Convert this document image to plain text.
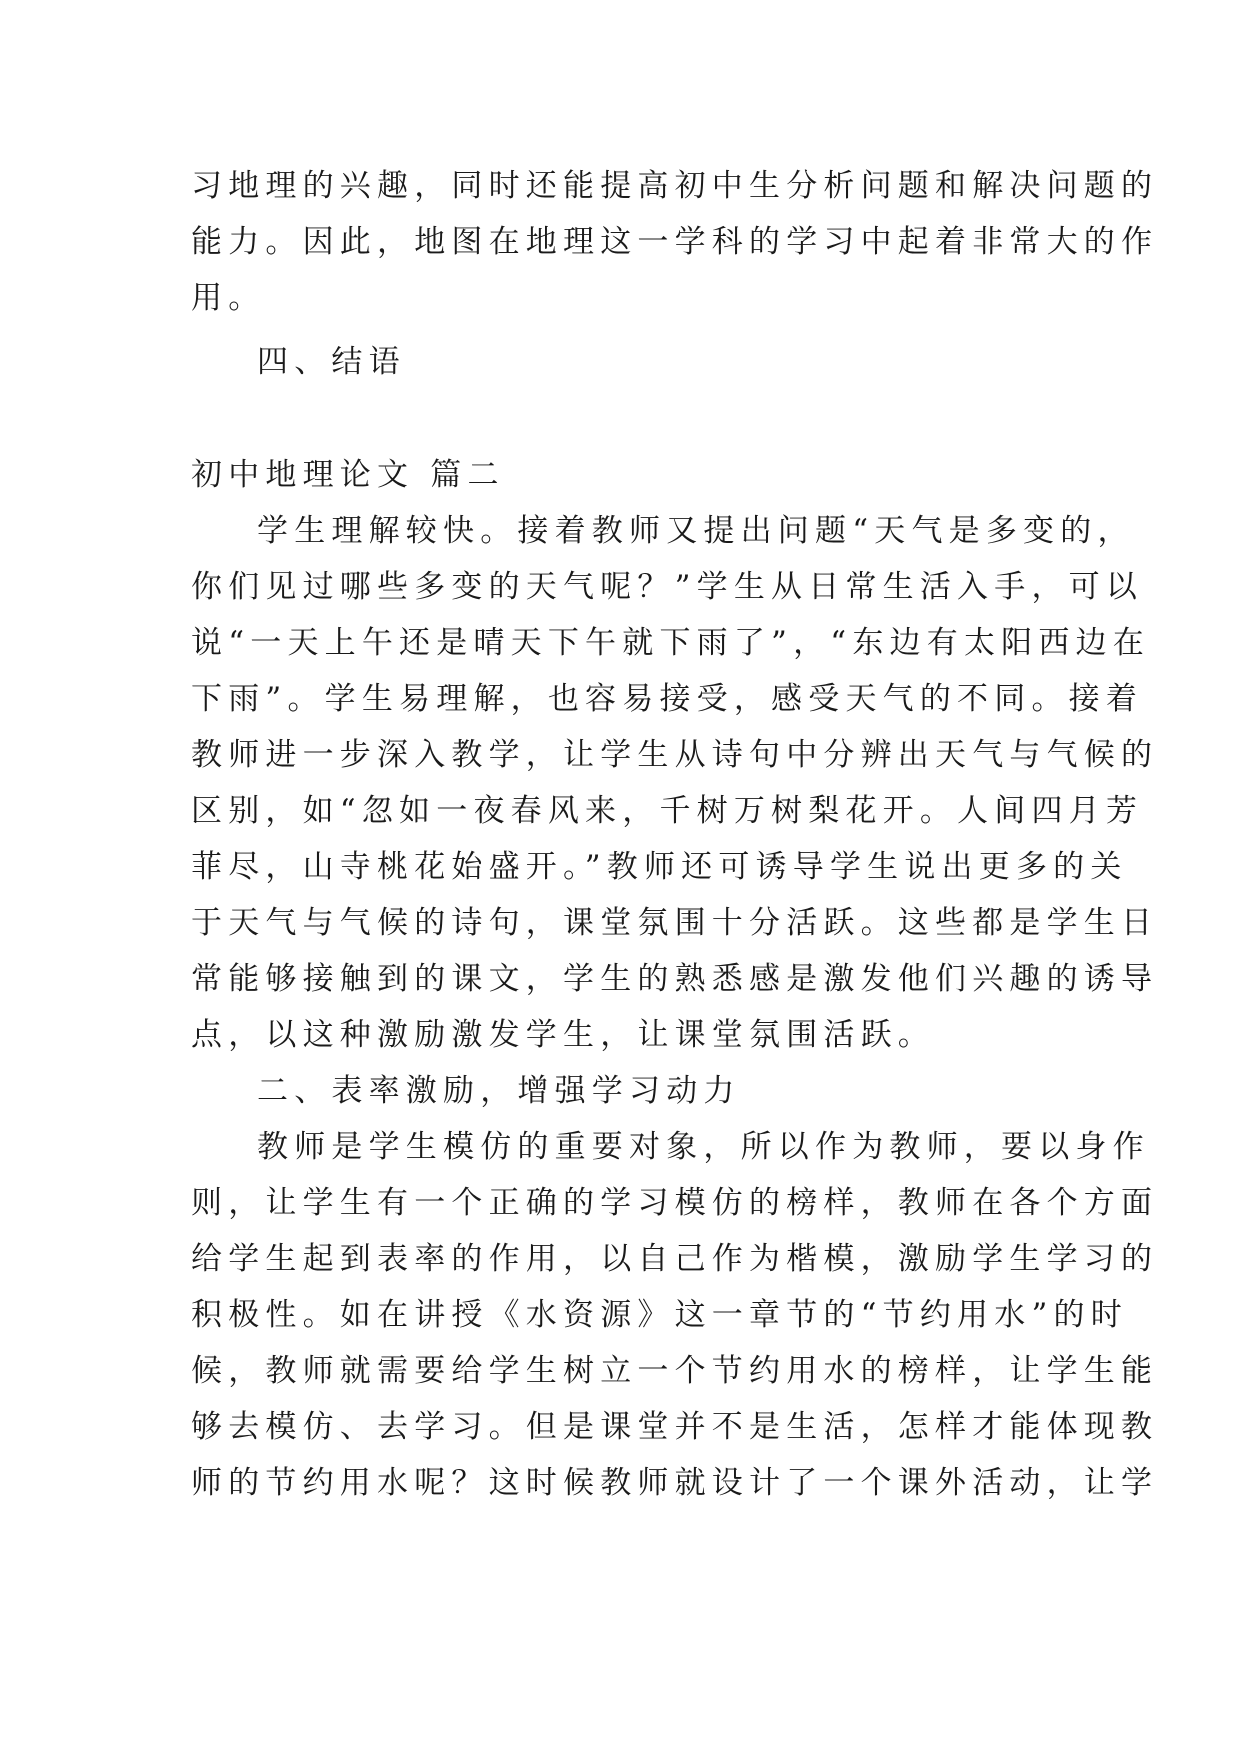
习地理的兴趣，同时还能提高初中生分析问题和解决问题的
能力。因此，地图在地理这一学科的学习中起着非常大的作
用。
四、结语
初中地理论文 篇二
学生理解较快。接着教师又提出问题“天气是多变的，
你们见过哪些多变的天气呢？”学生从日常生活入手，可以
说“一天上午还是晴天下午就下雨了”，“东边有太阳西边在
下雨”。学生易理解，也容易接受，感受天气的不同。接着
教师进一步深入教学，让学生从诗句中分辨出天气与气候的
区别，如“忽如一夜春风来，千树万树梨花开。人间四月芳
菲尽，山寺桃花始盛开。”教师还可诱导学生说出更多的关
于天气与气候的诗句，课堂氛围十分活跃。这些都是学生日
常能够接触到的课文，学生的熟悉感是激发他们兴趣的诱导
点，以这种激励激发学生，让课堂氛围活跃。
二、表率激励，增强学习动力
教师是学生模仿的重要对象，所以作为教师，要以身作
则，让学生有一个正确的学习模仿的榜样，教师在各个方面
给学生起到表率的作用，以自己作为楷模，激励学生学习的
积极性。如在讲授《水资源》这一章节的“节约用水”的时
候，教师就需要给学生树立一个节约用水的榜样，让学生能
够去模仿、去学习。但是课堂并不是生活，怎样才能体现教
师的节约用水呢？这时候教师就设计了一个课外活动，让学
